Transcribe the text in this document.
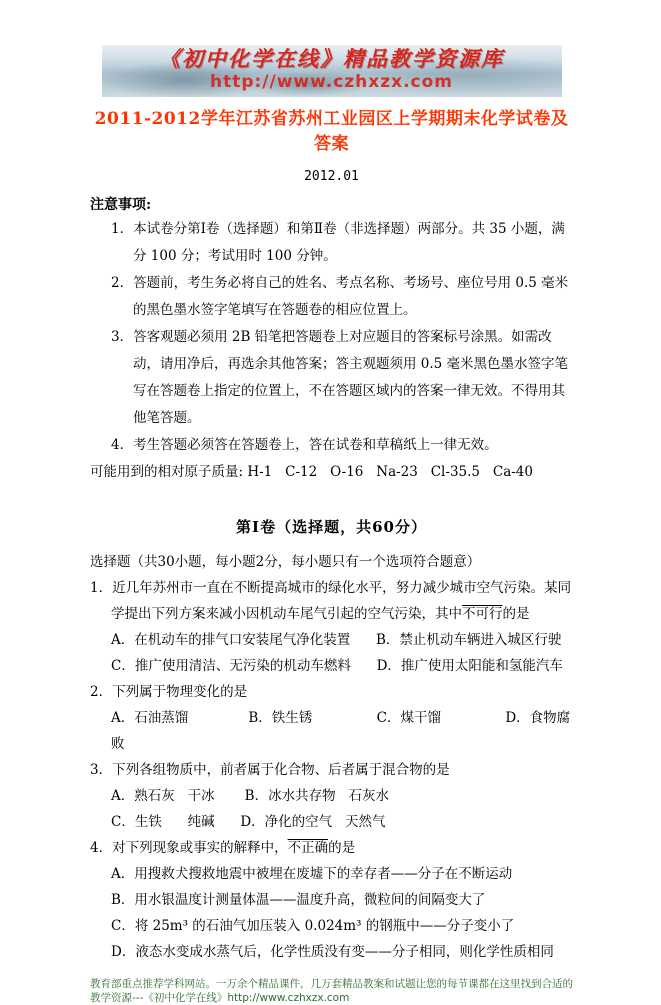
《初中化学在线》精品教学资源库
http://www.czhxzx.com
2011-2012学年江苏省苏州工业园区上学期期末化学试卷及答案
2012.01
注意事项:
1．本试卷分第Ⅰ卷（选择题）和第Ⅱ卷（非选择题）两部分。共 35 小题，满分 100 分；考试用时 100 分钟。
2．答题前，考生务必将自己的姓名、考点名称、考场号、座位号用 0.5 毫米的黑色墨水签字笔填写在答题卷的相应位置上。
3．答客观题必须用 2B 铅笔把答题卷上对应题目的答案标号涂黑。如需改动，请用净后，再选余其他答案；答主观题须用 0.5 毫米黑色墨水签字笔写在答题卷上指定的位置上，不在答题区域内的答案一律无效。不得用其他笔答题。
4．考生答题必须答在答题卷上，答在试卷和草稿纸上一律无效。
可能用到的相对原子质量: H-1   C-12   O-16   Na-23   Cl-35.5   Ca-40
第Ⅰ卷（选择题，共60分）
选择题（共30小题，每小题2分，每小题只有一个选项符合题意）
1．近几年苏州市一直在不断提高城市的绿化水平，努力减少城市空气污染。某同学提出下列方案来减小因机动车尾气引起的空气污染，其中不可行的是
A．在机动车的排气口安装尾气净化装置      B．禁止机动车辆进入城区行驶
C．推广使用清洁、无污染的机动车燃料      D．推广使用太阳能和氢能汽车
2．下列属于物理变化的是
A．石油蒸馏              B．铁生锈               C．煤干馏               D．食物腐败
3．下列各组物质中，前者属于化合物、后者属于混合物的是
A．熟石灰   干冰       B．冰水共存物   石灰水
C．生铁      纯碱      D．净化的空气   天然气
4．对下列现象或事实的解释中，不正确的是
A．用搜救犬搜救地震中被埋在废墟下的幸存者——分子在不断运动
B．用水银温度计测量体温——温度升高，微粒间的间隔变大了
C．将 25m³ 的石油气加压装入 0.024m³ 的钢瓶中——分子变小了
D．液态水变成水蒸气后，化学性质没有变——分子相同，则化学性质相同
教育部重点推荐学科网站。一万余个精品课件，几万套精品教案和试题让您的每节课都在这里找到合适的教学资源---《初中化学在线》http://www.czhxzx.com
